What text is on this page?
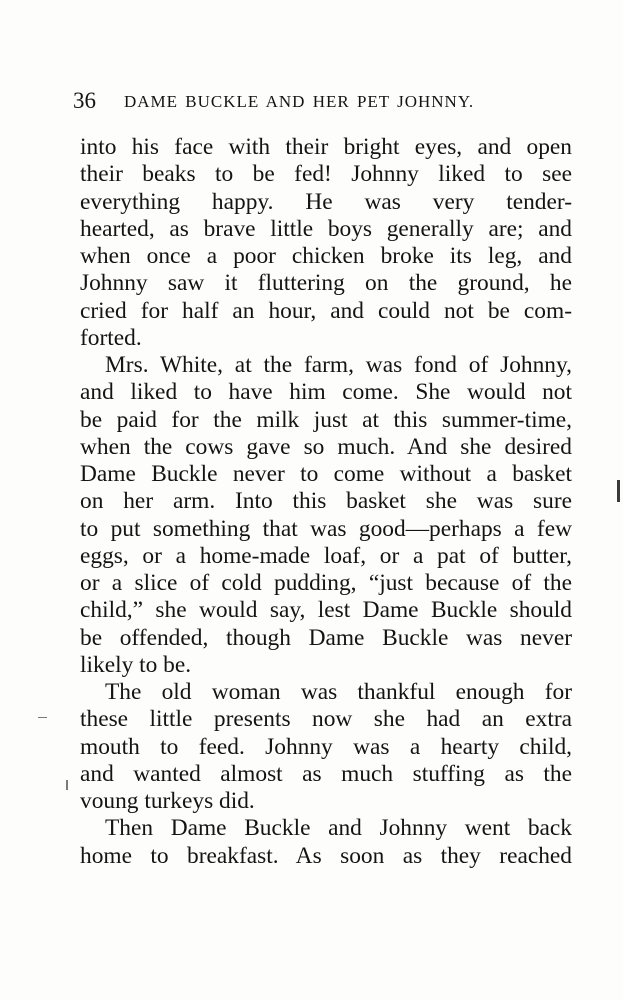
36 DAME BUCKLE AND HER PET JOHNNY.
into his face with their bright eyes, and open
their beaks to be fed! Johnny liked to see
everything happy. He was very tender-
hearted, as brave little boys generally are; and
when once a poor chicken broke its leg, and
Johnny saw it fluttering on the ground, he
cried for half an hour, and could not be com-
forted.
Mrs. White, at the farm, was fond of Johnny,
and liked to have him come. She would not
be paid for the milk just at this summer-time,
when the cows gave so much. And she desired
Dame Buckle never to come without a basket
on her arm. Into this basket she was sure
to put something that was good—perhaps a few
eggs, or a home-made loaf, or a pat of butter,
or a slice of cold pudding, “just because of the
child,” she would say, lest Dame Buckle should
be offended, though Dame Buckle was never
likely to be.
The old woman was thankful enough for
these little presents now she had an extra
mouth to feed. Johnny was a hearty child,
and wanted almost as much stuffing as the
voung turkeys did.
Then Dame Buckle and Johnny went back
home to breakfast. As soon as they reached
